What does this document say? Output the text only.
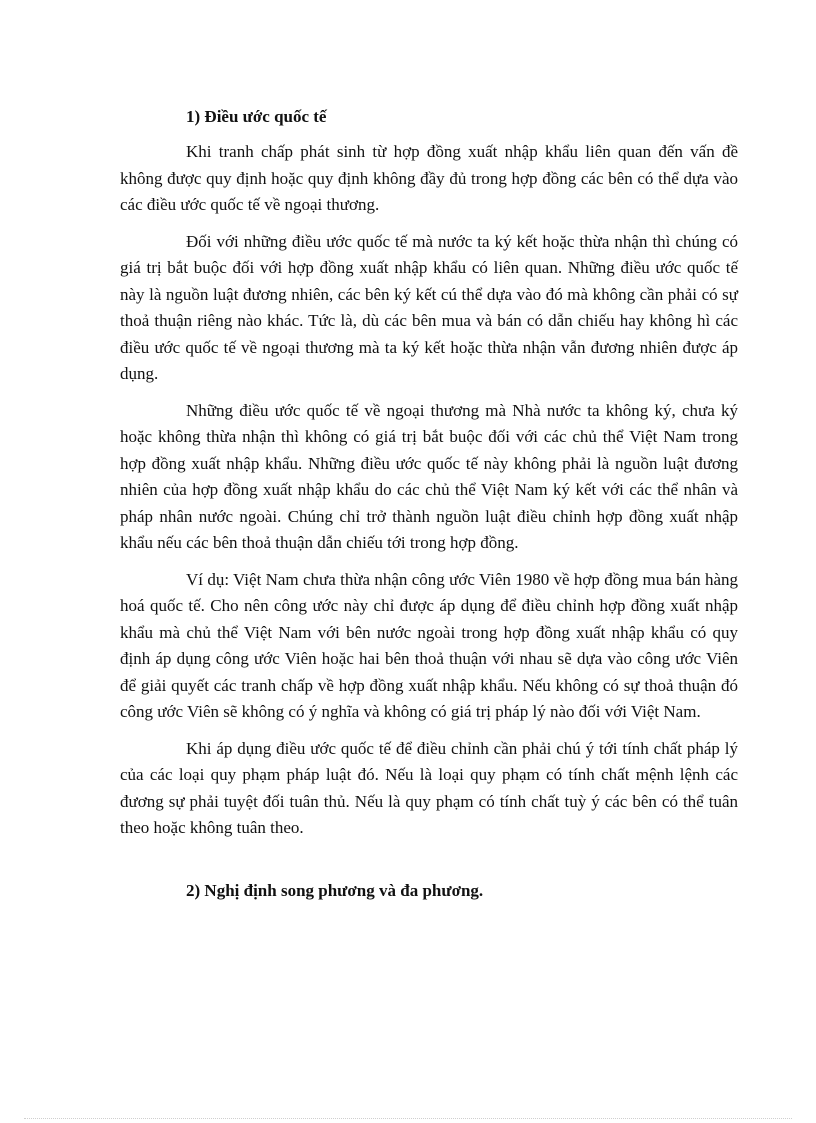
1) Điều ước quốc tế

Khi tranh chấp phát sinh từ hợp đồng xuất nhập khẩu liên quan đến vấn đề không được quy định hoặc quy định không đầy đủ trong hợp đồng các bên có thể dựa vào các điều ước quốc tế về ngoại thương.

Đối với những điều ước quốc tế mà nước ta ký kết hoặc thừa nhận thì chúng có giá trị bắt buộc đối với hợp đồng xuất nhập khẩu có liên quan. Những điều ước quốc tế này là nguồn luật đương nhiên, các bên ký kết cú thể dựa vào đó mà không cần phải có sự thoả thuận riêng nào khác. Tức là, dù các bên mua và bán có dẫn chiếu hay không hì các điều ước quốc tế về ngoại thương mà ta ký kết hoặc thừa nhận vẫn đương nhiên được áp dụng.

Những điều ước quốc tế về ngoại thương mà Nhà nước ta không ký, chưa ký hoặc không thừa nhận thì không có giá trị bắt buộc đối với các chủ thể Việt Nam trong hợp đồng xuất nhập khẩu. Những điều ước quốc tế này không phải là nguồn luật đương nhiên của hợp đồng xuất nhập khẩu do các chủ thể Việt Nam ký kết với các thể nhân và pháp nhân nước ngoài. Chúng chỉ trở thành nguồn luật điều chỉnh hợp đồng xuất nhập khẩu nếu các bên thoả thuận dẫn chiếu tới trong hợp đồng.

Ví dụ: Việt Nam chưa thừa nhận công ước Viên 1980 về hợp đồng mua bán hàng hoá quốc tế. Cho nên công ước này chỉ được áp dụng để điều chỉnh hợp đồng xuất nhập khẩu mà chủ thể Việt Nam với bên nước ngoài trong hợp đồng xuất nhập khẩu có quy định áp dụng công ước Viên hoặc hai bên thoả thuận với nhau sẽ dựa vào công ước Viên để giải quyết các tranh chấp về hợp đồng xuất nhập khẩu. Nếu không có sự thoả thuận đó công ước Viên sẽ không có ý nghĩa và không có giá trị pháp lý nào đối với Việt Nam.

Khi áp dụng điều ước quốc tế để điều chỉnh cần phải chú ý tới tính chất pháp lý của các loại quy phạm pháp luật đó. Nếu là loại quy phạm có tính chất mệnh lệnh các đương sự phải tuyệt đối tuân thủ. Nếu là quy phạm có tính chất tuỳ ý các bên có thể tuân theo hoặc không tuân theo.

2) Nghị định song phương và đa phương.
